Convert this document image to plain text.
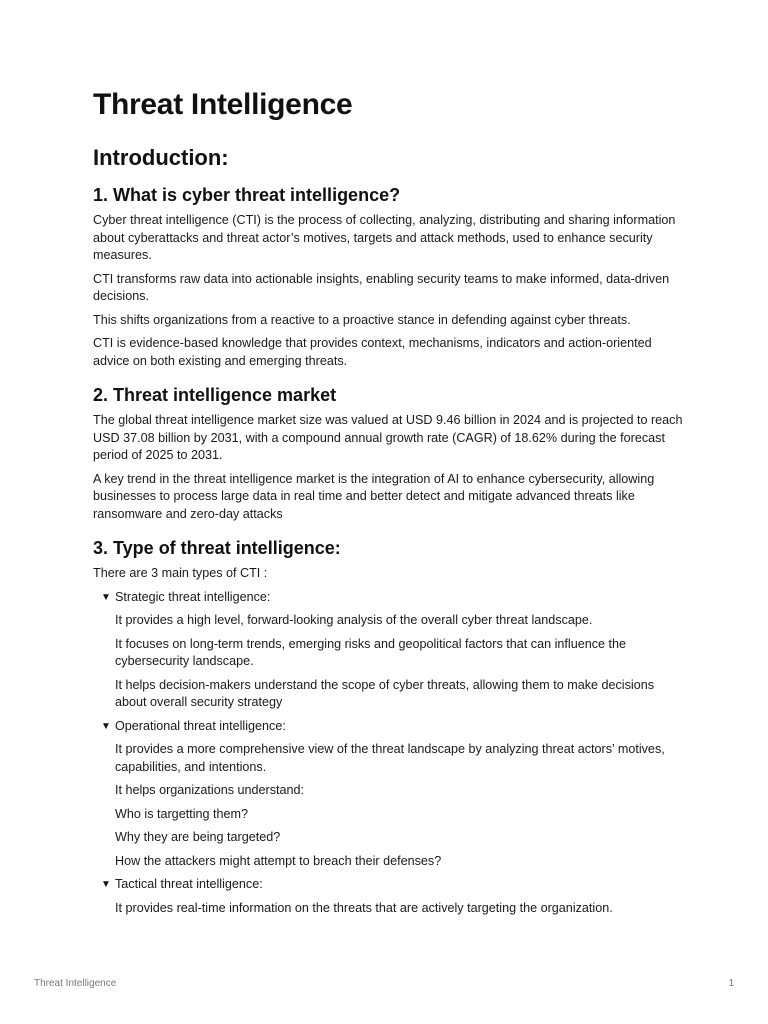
Threat Intelligence
Introduction:
1. What is cyber threat intelligence?

Cyber threat intelligence (CTI) is the process of collecting, analyzing, distributing and sharing information about cyberattacks and threat actor’s motives, targets and attack methods, used to enhance security measures.

CTI transforms raw data into actionable insights, enabling security teams to make informed, data-driven decisions.

This shifts organizations from a reactive to a proactive stance in defending against cyber threats.

CTI is evidence-based knowledge that provides context, mechanisms, indicators and action-oriented advice on both existing and emerging threats.

2. Threat intelligence market

The global threat intelligence market size was valued at USD 9.46 billion in 2024 and is projected to reach USD 37.08 billion by 2031, with a compound annual growth rate (CAGR) of 18.62% during the forecast period of 2025 to 2031.

A key trend in the threat intelligence market is the integration of AI to enhance cybersecurity, allowing businesses to process large data in real time and better detect and mitigate advanced threats like ransomware and zero-day attacks

3. Type of threat intelligence:

There are 3 main types of CTI :

▼ Strategic threat intelligence:

It provides a high level, forward-looking analysis of the overall cyber threat landscape.

It focuses on long-term trends, emerging risks and geopolitical factors that can influence the cybersecurity landscape.

It helps decision-makers understand the scope of cyber threats, allowing them to make decisions about overall security strategy

▼ Operational threat intelligence:

It provides a more comprehensive view of the threat landscape by analyzing threat actors’ motives, capabilities, and intentions.

It helps organizations understand:

Who is targetting them?

Why they are being targeted?

How the attackers might attempt to breach their defenses?

▼ Tactical threat intelligence:

It provides real-time information on the threats that are actively targeting the organization.

Threat Intelligence	1
